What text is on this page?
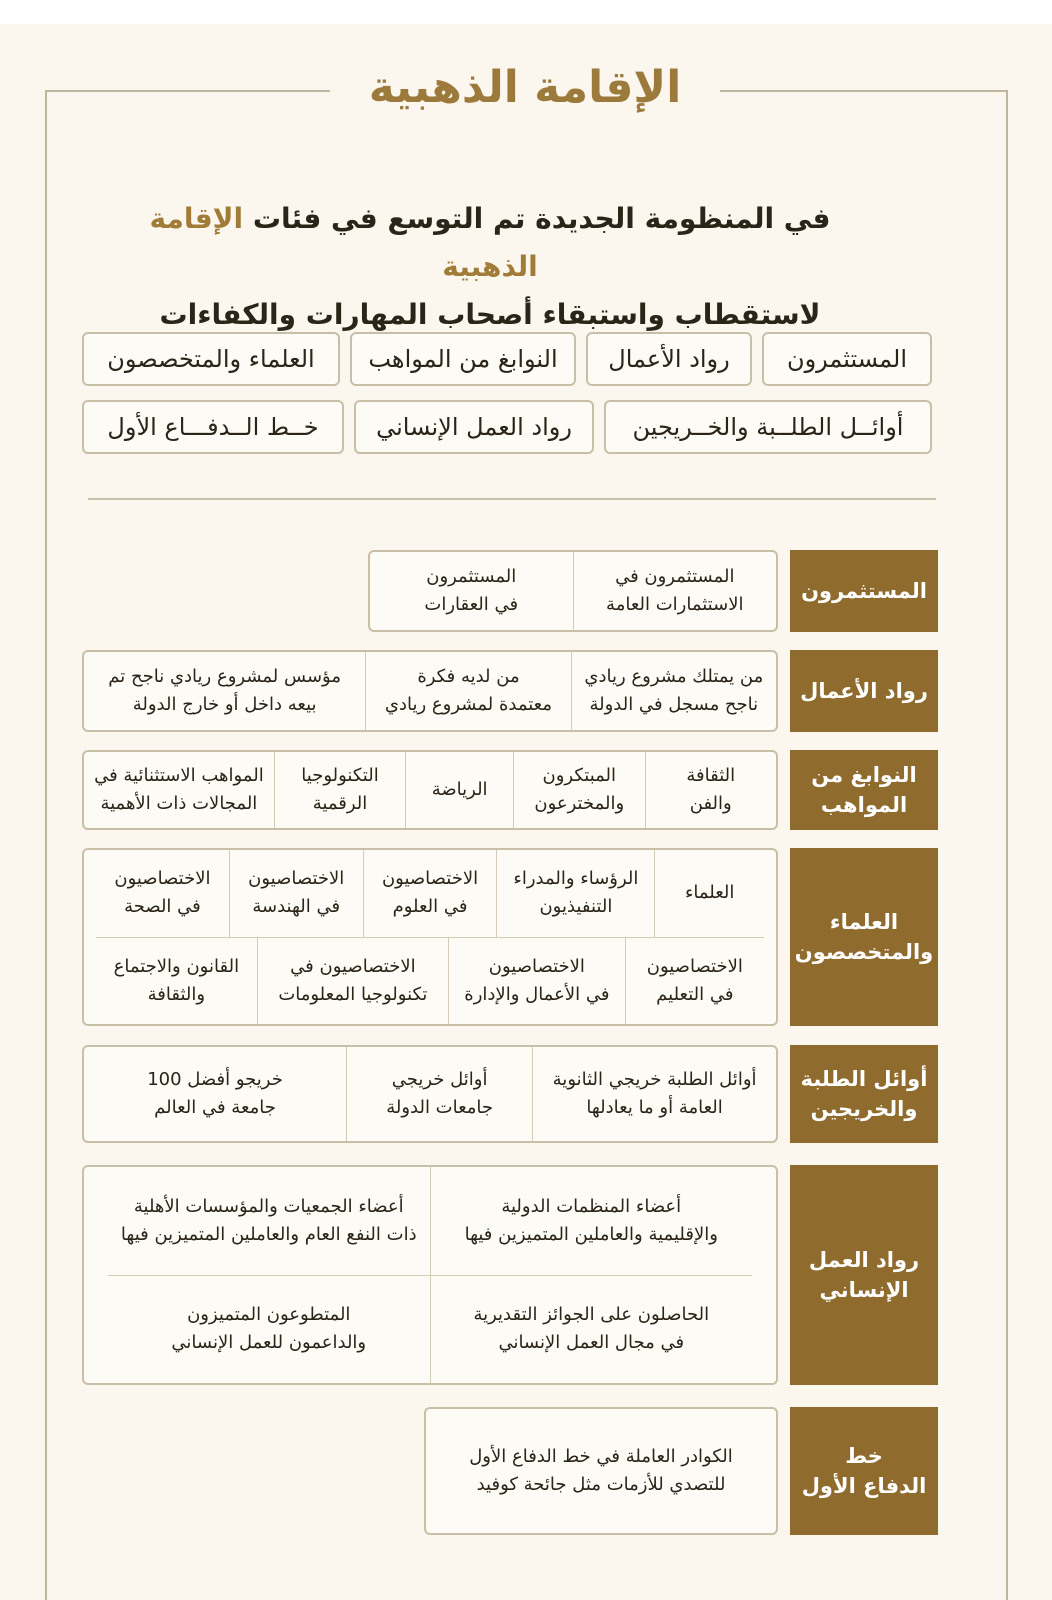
الإقامة الذهبية
في المنظومة الجديدة تم التوسع في فئات الإقامة الذهبية
لاستقطاب واستبقاء أصحاب المهارات والكفاءات
المستثمرون
رواد الأعمال
النوابغ من المواهب
العلماء والمتخصصون
أوائــل الطلــبة والخــريجين
رواد العمل الإنساني
خــط الــدفـــاع الأول
المستثمرون
المستثمرون في
الاستثمارات العامة
المستثمرون
في العقارات
رواد الأعمال
من يمتلك مشروع ريادي
ناجح مسجل في الدولة
من لديه فكرة
معتمدة لمشروع ريادي
مؤسس لمشروع ريادي ناجح تم
بيعه داخل أو خارج الدولة
النوابغ من
المواهب
الثقافة
والفن
المبتكرون
والمخترعون
الرياضة
التكنولوجيا
الرقمية
المواهب الاستثنائية في
المجالات ذات الأهمية
العلماء
والمتخصصون
العلماء
الرؤساء والمدراء
التنفيذيون
الاختصاصيون
في العلوم
الاختصاصيون
في الهندسة
الاختصاصيون
في الصحة
الاختصاصيون
في التعليم
الاختصاصيون
في الأعمال والإدارة
الاختصاصيون في
تكنولوجيا المعلومات
القانون والاجتماع
والثقافة
أوائل الطلبة
والخريجين
أوائل الطلبة خريجي الثانوية
العامة أو ما يعادلها
أوائل خريجي
جامعات الدولة
خريجو أفضل 100
جامعة في العالم
رواد العمل
الإنساني
أعضاء المنظمات الدولية
والإقليمية والعاملين المتميزين فيها
أعضاء الجمعيات والمؤسسات الأهلية
ذات النفع العام والعاملين المتميزين فيها
الحاصلون على الجوائز التقديرية
في مجال العمل الإنساني
المتطوعون المتميزون
والداعمون للعمل الإنساني
خط
الدفاع الأول
الكوادر العاملة في خط الدفاع الأول
للتصدي للأزمات مثل جائحة كوفيد
